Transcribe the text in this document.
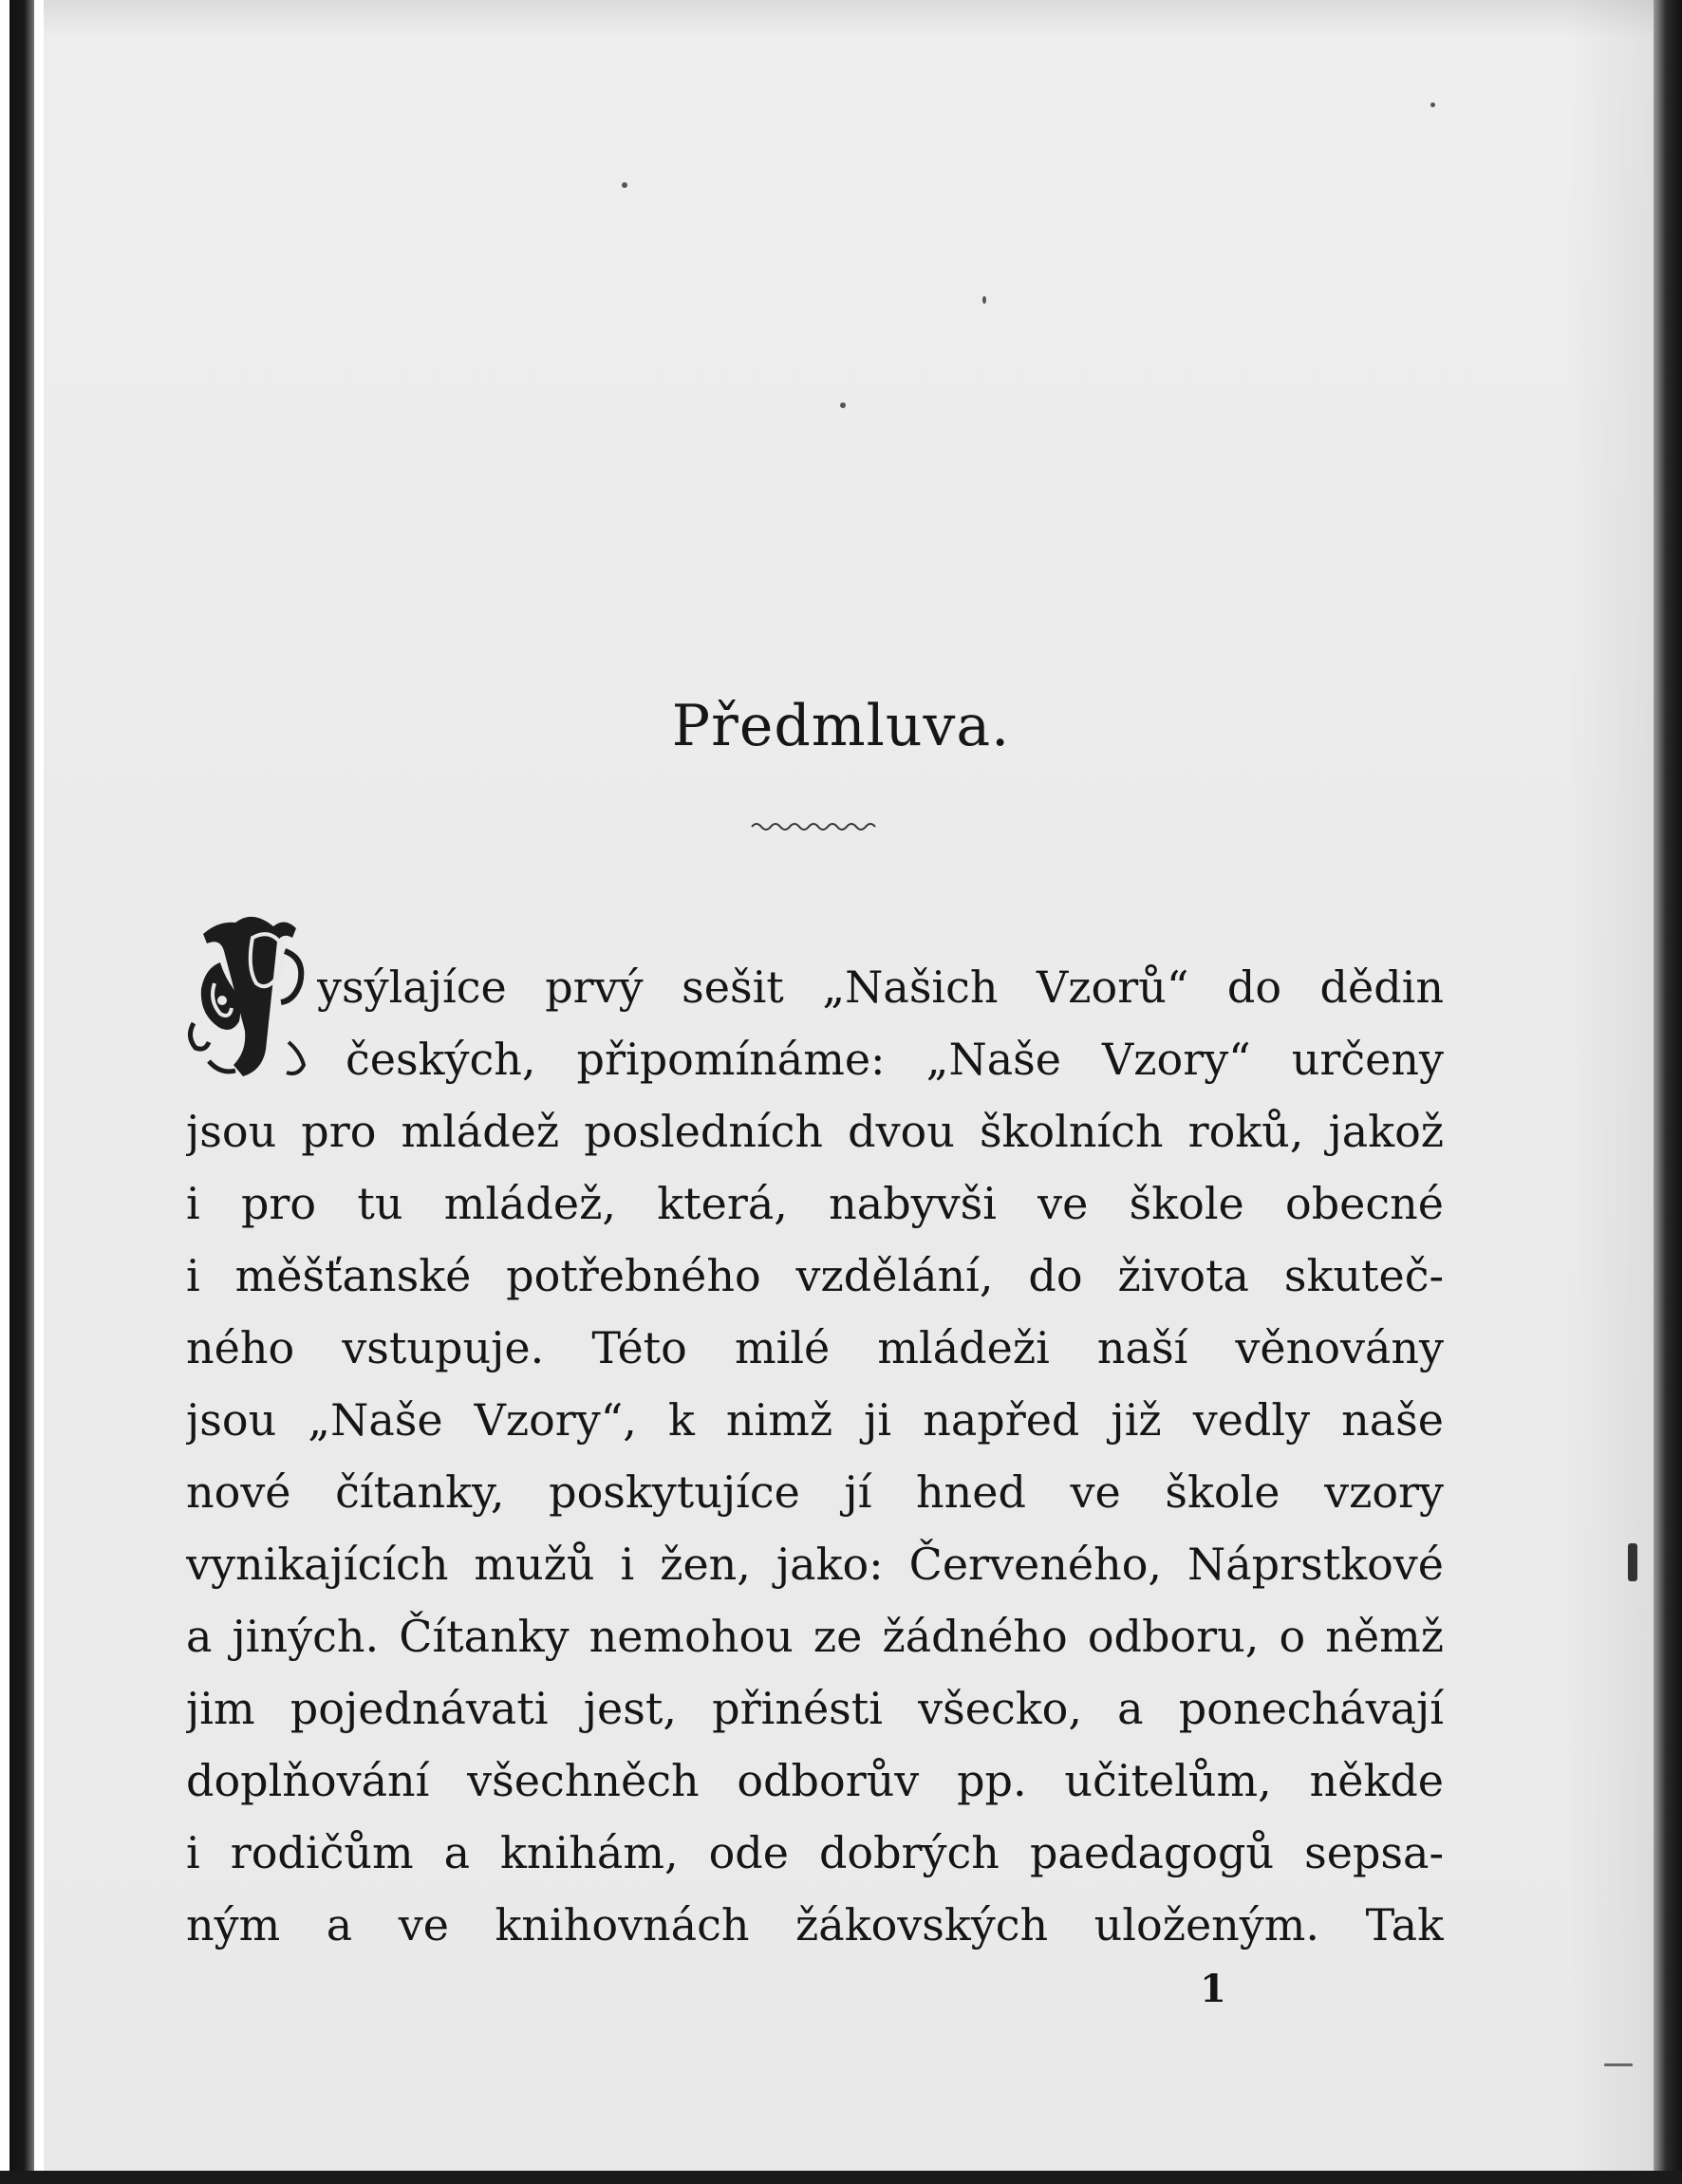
Předmluva.
ysýlajíce prvý sešit „Našich Vzorů“ do dědin
českých, připomínáme: „Naše Vzory“ určeny
jsou pro mládež posledních dvou školních roků, jakož
i pro tu mládež, která, nabyvši ve škole obecné
i měšťanské potřebného vzdělání, do života skuteč-
ného vstupuje. Této milé mládeži naší věnovány
jsou „Naše Vzory“, k nimž ji napřed již vedly naše
nové čítanky, poskytujíce jí hned ve škole vzory
vynikajících mužů i žen, jako: Červeného, Náprstkové
a jiných. Čítanky nemohou ze žádného odboru, o němž
jim pojednávati jest, přinésti všecko, a ponechávají
doplňování všechněch odborův pp. učitelům, někde
i rodičům a knihám, ode dobrých paedagogů sepsa-
ným a ve knihovnách žákovských uloženým. Tak
1
